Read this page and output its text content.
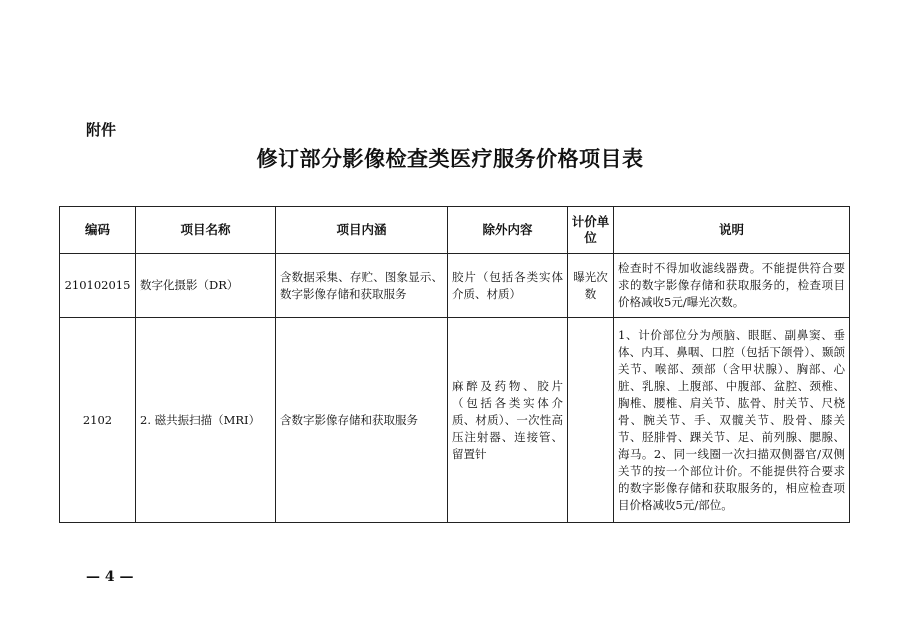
附件
修订部分影像检查类医疗服务价格项目表
编码	项目名称	项目内涵	除外内容	计价单位	说明
210102015	数字化摄影（DR）	含数据采集、存贮、图象显示、数字影像存储和获取服务	胶片（包括各类实体介质、材质）	曝光次数	检查时不得加收滤线器费。不能提供符合要求的数字影像存储和获取服务的，检查项目价格减收5元/曝光次数。
2102	2. 磁共振扫描（MRI）	含数字影像存储和获取服务	麻醉及药物、胶片（包括各类实体介质、材质）、一次性高压注射器、连接管、留置针		1、计价部位分为颅脑、眼眶、副鼻窦、垂体、内耳、鼻咽、口腔（包括下颌骨）、颞颌关节、喉部、颈部（含甲状腺）、胸部、心脏、乳腺、上腹部、中腹部、盆腔、颈椎、胸椎、腰椎、肩关节、肱骨、肘关节、尺桡骨、腕关节、手、双髋关节、股骨、膝关节、胫腓骨、踝关节、足、前列腺、腮腺、海马。2、同一线圈一次扫描双侧器官/双侧关节的按一个部位计价。不能提供符合要求的数字影像存储和获取服务的，相应检查项目价格减收5元/部位。
— 4 —
